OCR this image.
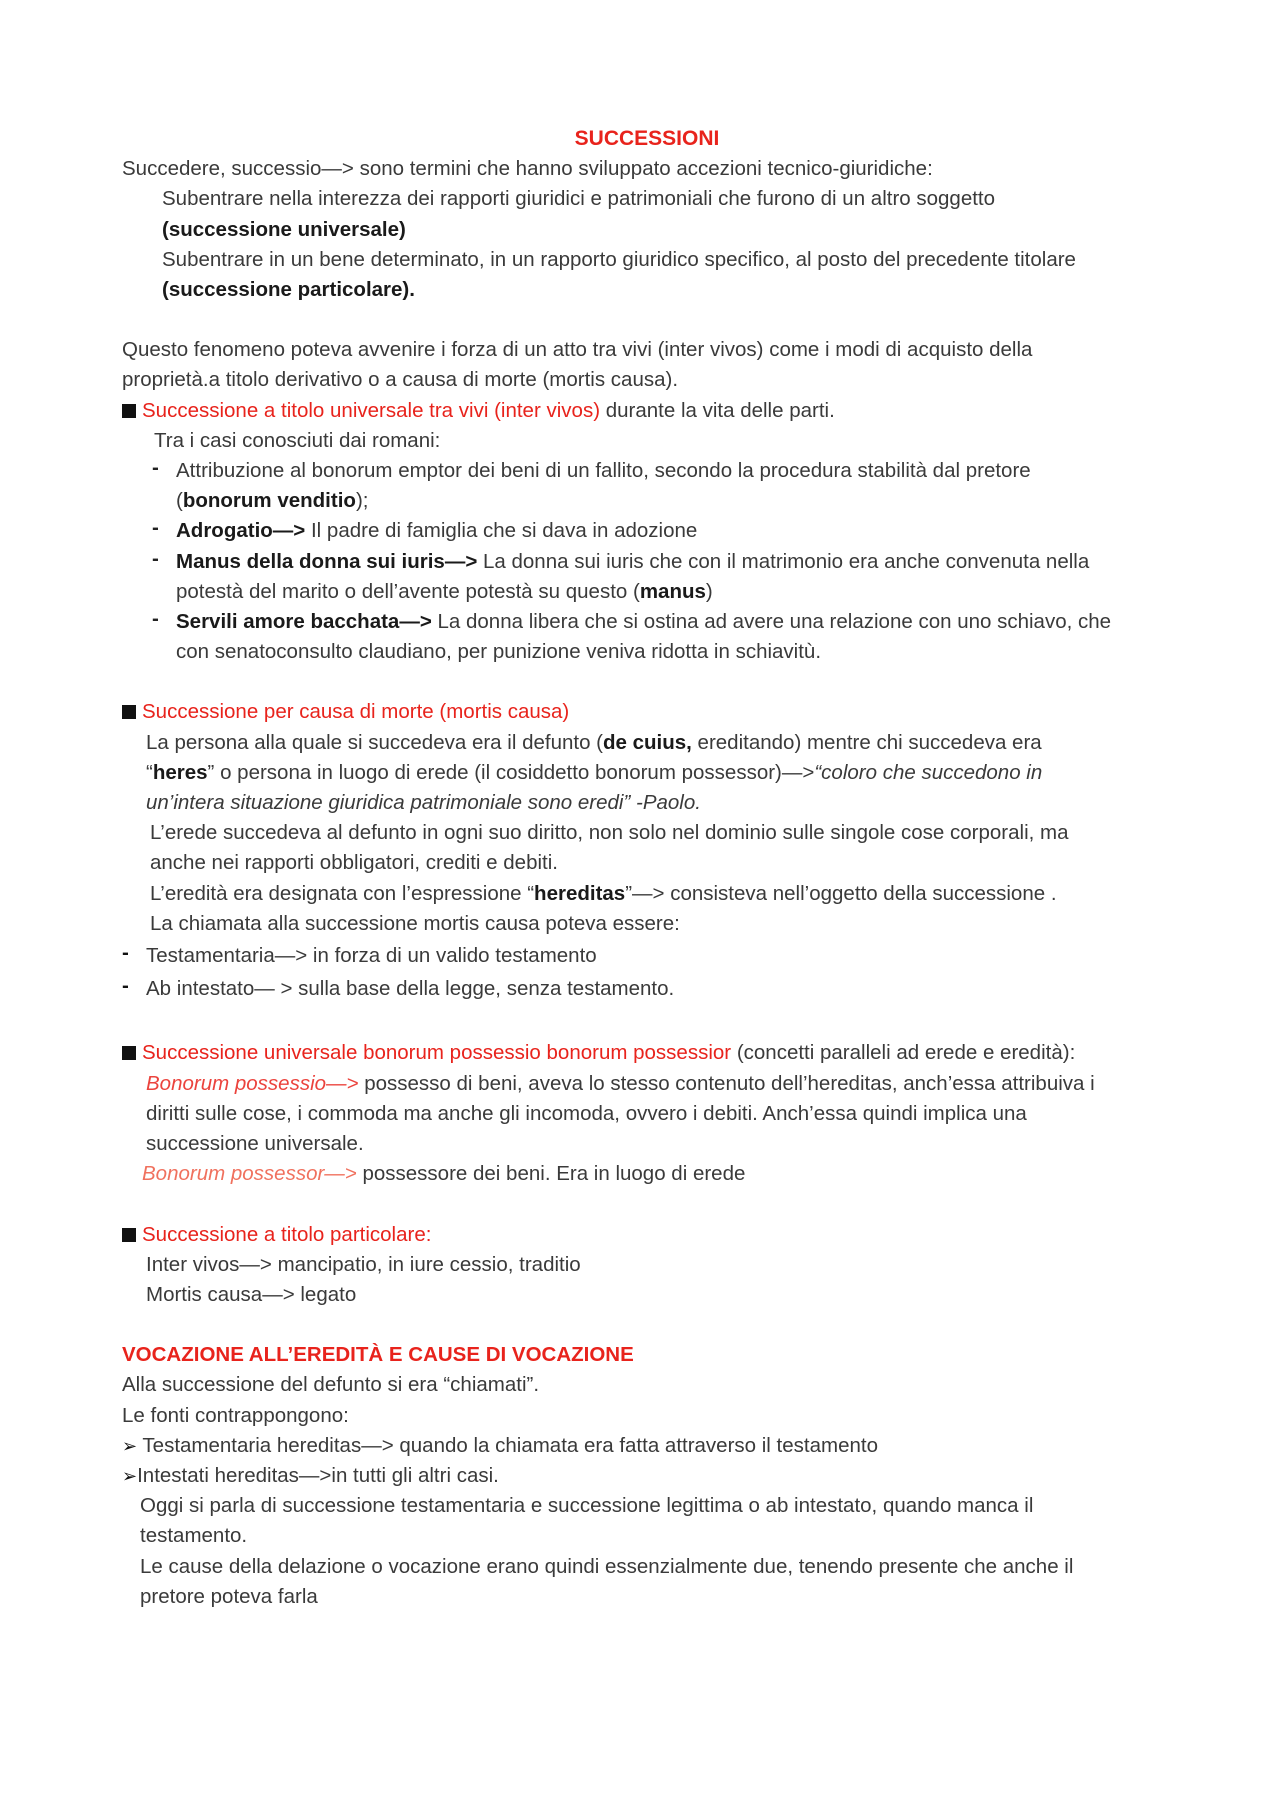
SUCCESSIONI
Succedere, successio—> sono termini che hanno sviluppato accezioni tecnico-giuridiche:
Subentrare nella interezza dei rapporti giuridici e patrimoniali che furono di un altro soggetto
(successione universale)
Subentrare in un bene determinato, in un rapporto giuridico specifico, al posto del precedente titolare
(successione particolare).
Questo fenomeno poteva avvenire i forza di un atto tra vivi (inter vivos) come i modi di acquisto della
proprietà.a titolo derivativo o a causa di morte (mortis causa).
Successione a titolo universale tra vivi (inter vivos) durante la vita delle parti.
Tra i casi conosciuti dai romani:
- Attribuzione al bonorum emptor dei beni di un fallito, secondo la procedura stabilità dal pretore
(bonorum venditio);
- Adrogatio—> Il padre di famiglia che si dava in adozione
- Manus della donna sui iuris—> La donna sui iuris che con il matrimonio era anche convenuta nella
potestà del marito o dell’avente potestà su questo (manus)
- Servili amore bacchata—> La donna libera che si ostina ad avere una relazione con uno schiavo, che
con senatoconsulto claudiano, per punizione veniva ridotta in schiavitù.
Successione per causa di morte (mortis causa)
La persona alla quale si succedeva era il defunto (de cuius, ereditando) mentre chi succedeva era
“heres” o persona in luogo di erede (il cosiddetto bonorum possessor)—>“coloro che succedono in
un’intera situazione giuridica patrimoniale sono eredi” -Paolo.
L’erede succedeva al defunto in ogni suo diritto, non solo nel dominio sulle singole cose corporali, ma
anche nei rapporti obbligatori, crediti e debiti.
L’eredità era designata con l’espressione “hereditas”—> consisteva nell’oggetto della successione .
La chiamata alla successione mortis causa poteva essere:
- Testamentaria—> in forza di un valido testamento
- Ab intestato— > sulla base della legge, senza testamento.
Successione universale bonorum possessio bonorum possessior (concetti paralleli ad erede e eredità):
Bonorum possessio—> possesso di beni, aveva lo stesso contenuto dell’hereditas, anch’essa attribuiva i
diritti sulle cose, i commoda ma anche gli incomoda, ovvero i debiti. Anch’essa quindi implica una
successione universale.
Bonorum possessor—> possessore dei beni. Era in luogo di erede
Successione a titolo particolare:
Inter vivos—> mancipatio, in iure cessio, traditio
Mortis causa—> legato
VOCAZIONE ALL’EREDITÀ E CAUSE DI VOCAZIONE
Alla successione del defunto si era “chiamati”.
Le fonti contrappongono:
➢ Testamentaria hereditas—> quando la chiamata era fatta attraverso il testamento
➢Intestati hereditas—>in tutti gli altri casi.
Oggi si parla di successione testamentaria e successione legittima o ab intestato, quando manca il
testamento.
Le cause della delazione o vocazione erano quindi essenzialmente due, tenendo presente che anche il
pretore poteva farla
